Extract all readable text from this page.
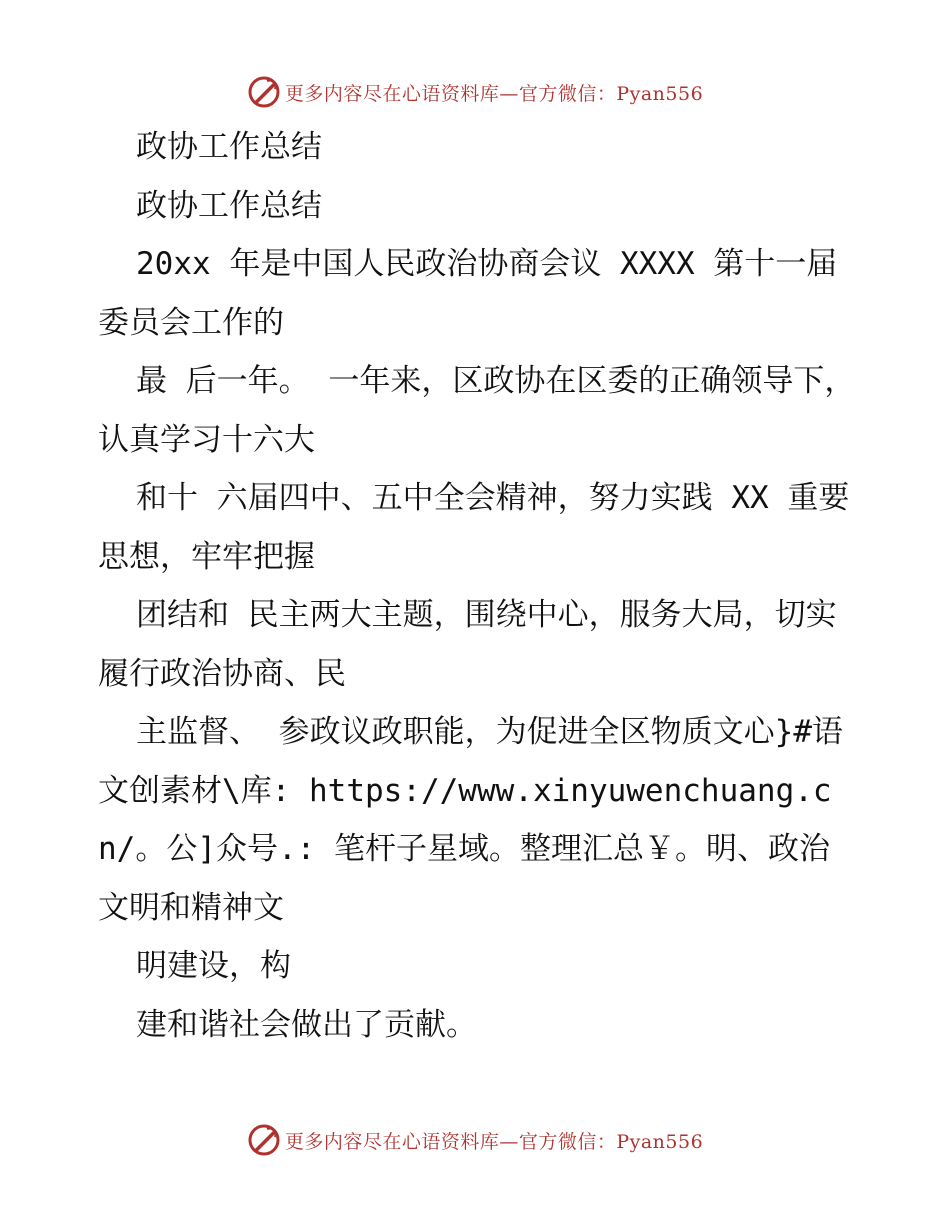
更多内容尽在心语资料库—官方微信：Pyan556

政协工作总结

政协工作总结

20xx 年是中国人民政治协商会议 XXXX 第十一届委员会工作的

最 后一年。 一年来，区政协在区委的正确领导下，认真学习十六大

和十 六届四中、五中全会精神，努力实践 XX 重要思想，牢牢把握

团结和 民主两大主题，围绕中心，服务大局，切实履行政治协商、民

主监督、 参政议政职能，为促进全区物质文心}#语文创素材\库: https://www.xinyuwenchuang.cn/。公]众号.: 笔杆子星域。整理汇总￥。明、政治文明和精神文

明建设，构

建和谐社会做出了贡献。

更多内容尽在心语资料库—官方微信：Pyan556
